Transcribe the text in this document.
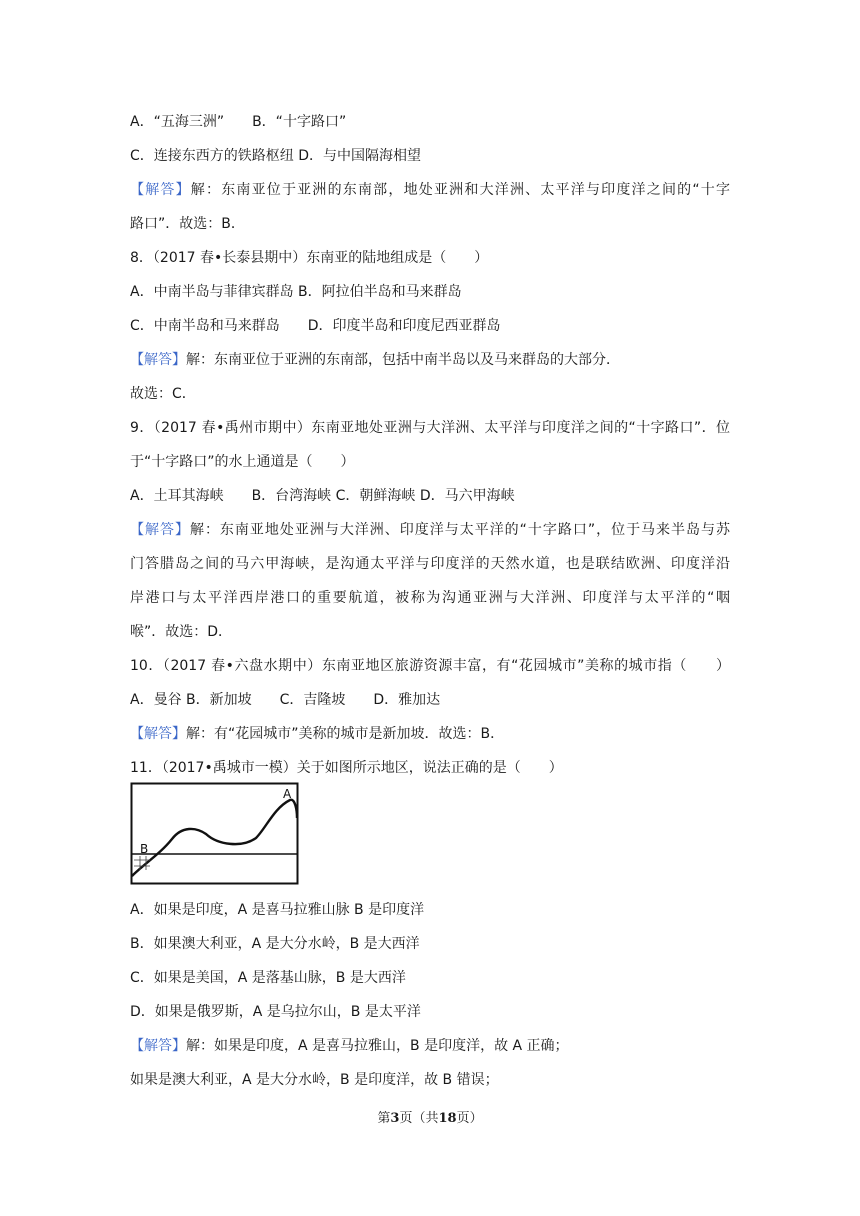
A．“五海三洲”　　B．“十字路口”
C．连接东西方的铁路枢纽 D．与中国隔海相望
【解答】解：东南亚位于亚洲的东南部，地处亚洲和大洋洲、太平洋与印度洋之间的“十字
路口”．故选：B．
8．（2017 春•长泰县期中）东南亚的陆地组成是（　　）
A．中南半岛与菲律宾群岛 B．阿拉伯半岛和马来群岛
C．中南半岛和马来群岛　　D．印度半岛和印度尼西亚群岛
【解答】解：东南亚位于亚洲的东南部，包括中南半岛以及马来群岛的大部分．
故选：C．
9．（2017 春•禹州市期中）东南亚地处亚洲与大洋洲、太平洋与印度洋之间的“十字路口”．位
于“十字路口”的水上通道是（　　）
A．土耳其海峡　　B．台湾海峡 C．朝鲜海峡 D．马六甲海峡
【解答】解：东南亚地处亚洲与大洋洲、印度洋与太平洋的“十字路口”，位于马来半岛与苏
门答腊岛之间的马六甲海峡，是沟通太平洋与印度洋的天然水道，也是联结欧洲、印度洋沿
岸港口与太平洋西岸港口的重要航道，被称为沟通亚洲与大洋洲、印度洋与太平洋的“咽
喉”．故选：D．
10．（2017 春•六盘水期中）东南亚地区旅游资源丰富，有“花园城市”美称的城市指（　　）
A．曼谷 B．新加坡　　C．吉隆坡　　D．雅加达
【解答】解：有“花园城市”美称的城市是新加坡．故选：B．
11．（2017•禹城市一模）关于如图所示地区，说法正确的是（　　）
A
B
A．如果是印度，A 是喜马拉雅山脉 B 是印度洋
B．如果澳大利亚，A 是大分水岭，B 是大西洋
C．如果是美国，A 是落基山脉，B 是大西洋
D．如果是俄罗斯，A 是乌拉尔山，B 是太平洋
【解答】解：如果是印度，A 是喜马拉雅山，B 是印度洋，故 A 正确；
如果是澳大利亚，A 是大分水岭，B 是印度洋，故 B 错误；
第3页（共18页）
